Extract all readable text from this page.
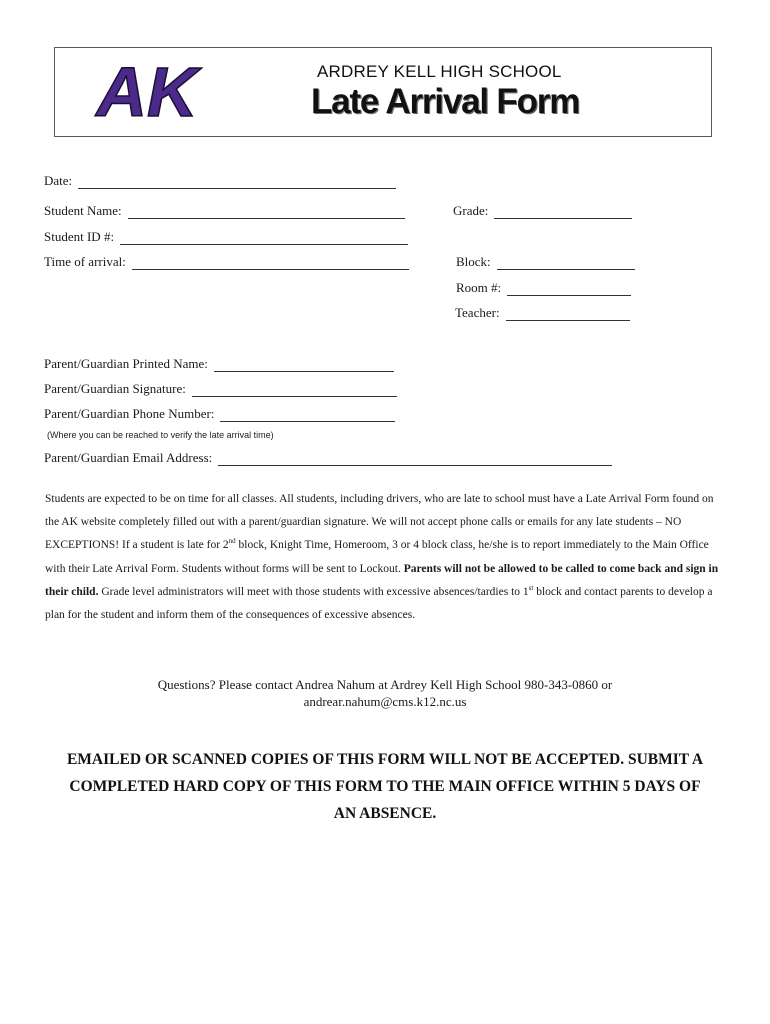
AK	ARDREY KELL HIGH SCHOOL
Late Arrival Form
Date:
Student Name:	Grade:
Student ID #:
Time of arrival:	Block:
Room #:
Teacher:
Parent/Guardian Printed Name:
Parent/Guardian Signature:
Parent/Guardian Phone Number:
(Where you can be reached to verify the late arrival time)
Parent/Guardian Email Address:
Students are expected to be on time for all classes. All students, including drivers, who are late to school must have a Late Arrival Form found on the AK website completely filled out with a parent/guardian signature. We will not accept phone calls or emails for any late students – NO EXCEPTIONS! If a student is late for 2nd block, Knight Time, Homeroom, 3 or 4 block class, he/she is to report immediately to the Main Office with their Late Arrival Form. Students without forms will be sent to Lockout. Parents will not be allowed to be called to come back and sign in their child. Grade level administrators will meet with those students with excessive absences/tardies to 1st block and contact parents to develop a plan for the student and inform them of the consequences of excessive absences.
Questions? Please contact Andrea Nahum at Ardrey Kell High School 980-343-0860 or
andrear.nahum@cms.k12.nc.us
EMAILED OR SCANNED COPIES OF THIS FORM WILL NOT BE ACCEPTED. SUBMIT A
COMPLETED HARD COPY OF THIS FORM TO THE MAIN OFFICE WITHIN 5 DAYS OF
AN ABSENCE.
